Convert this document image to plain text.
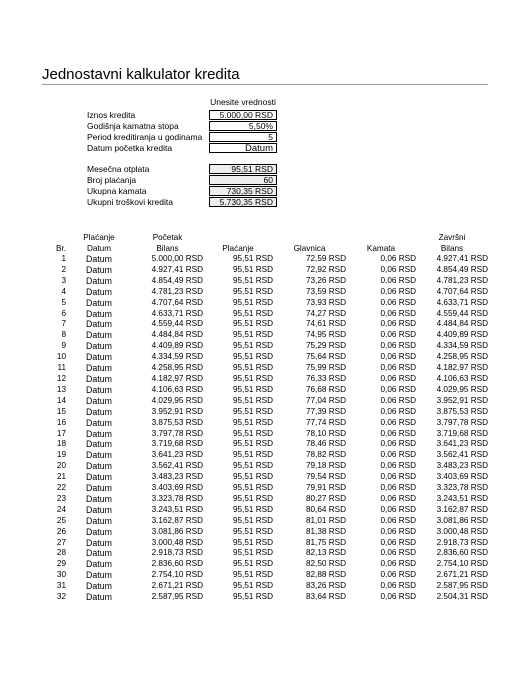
Jednostavni kalkulator kredita
Unesite vrednosti
Iznos kredita	5.000,00 RSD
Godišnja kamatna stopa	5,50%
Period kreditiranja u godinama	5
Datum početka kredita	Datum
Mesečna otplata	95,51 RSD
Broj plaćanja	60
Ukupna kamata	730,35 RSD
Ukupni troškovi kredita	5.730,35 RSD
	Plaćanje	Početak				Završni
Br.	Datum	Bilans	Plaćanje	Glavnica	Kamata	Bilans
1	Datum	5.000,00 RSD	95,51 RSD	72,59 RSD	0,06 RSD	4.927,41 RSD
2	Datum	4.927,41 RSD	95,51 RSD	72,92 RSD	0,06 RSD	4.854,49 RSD
3	Datum	4.854,49 RSD	95,51 RSD	73,26 RSD	0,06 RSD	4.781,23 RSD
4	Datum	4.781,23 RSD	95,51 RSD	73,59 RSD	0,06 RSD	4.707,64 RSD
5	Datum	4.707,64 RSD	95,51 RSD	73,93 RSD	0,06 RSD	4.633,71 RSD
6	Datum	4.633,71 RSD	95,51 RSD	74,27 RSD	0,06 RSD	4.559,44 RSD
7	Datum	4.559,44 RSD	95,51 RSD	74,61 RSD	0,06 RSD	4.484,84 RSD
8	Datum	4.484,84 RSD	95,51 RSD	74,95 RSD	0,06 RSD	4.409,89 RSD
9	Datum	4.409,89 RSD	95,51 RSD	75,29 RSD	0,06 RSD	4.334,59 RSD
10	Datum	4.334,59 RSD	95,51 RSD	75,64 RSD	0,06 RSD	4.258,95 RSD
11	Datum	4.258,95 RSD	95,51 RSD	75,99 RSD	0,06 RSD	4.182,97 RSD
12	Datum	4.182,97 RSD	95,51 RSD	76,33 RSD	0,06 RSD	4.106,63 RSD
13	Datum	4.106,63 RSD	95,51 RSD	76,68 RSD	0,06 RSD	4.029,95 RSD
14	Datum	4.029,95 RSD	95,51 RSD	77,04 RSD	0,06 RSD	3.952,91 RSD
15	Datum	3.952,91 RSD	95,51 RSD	77,39 RSD	0,06 RSD	3.875,53 RSD
16	Datum	3.875,53 RSD	95,51 RSD	77,74 RSD	0,06 RSD	3.797,78 RSD
17	Datum	3.797,78 RSD	95,51 RSD	78,10 RSD	0,06 RSD	3.719,68 RSD
18	Datum	3.719,68 RSD	95,51 RSD	78,46 RSD	0,06 RSD	3.641,23 RSD
19	Datum	3.641,23 RSD	95,51 RSD	78,82 RSD	0,06 RSD	3.562,41 RSD
20	Datum	3.562,41 RSD	95,51 RSD	79,18 RSD	0,06 RSD	3.483,23 RSD
21	Datum	3.483,23 RSD	95,51 RSD	79,54 RSD	0,06 RSD	3.403,69 RSD
22	Datum	3.403,69 RSD	95,51 RSD	79,91 RSD	0,06 RSD	3.323,78 RSD
23	Datum	3.323,78 RSD	95,51 RSD	80,27 RSD	0,06 RSD	3.243,51 RSD
24	Datum	3.243,51 RSD	95,51 RSD	80,64 RSD	0,06 RSD	3.162,87 RSD
25	Datum	3.162,87 RSD	95,51 RSD	81,01 RSD	0,06 RSD	3.081,86 RSD
26	Datum	3.081,86 RSD	95,51 RSD	81,38 RSD	0,06 RSD	3.000,48 RSD
27	Datum	3.000,48 RSD	95,51 RSD	81,75 RSD	0,06 RSD	2.918,73 RSD
28	Datum	2.918,73 RSD	95,51 RSD	82,13 RSD	0,06 RSD	2.836,60 RSD
29	Datum	2.836,60 RSD	95,51 RSD	82,50 RSD	0,06 RSD	2.754,10 RSD
30	Datum	2.754,10 RSD	95,51 RSD	82,88 RSD	0,06 RSD	2.671,21 RSD
31	Datum	2.671,21 RSD	95,51 RSD	83,26 RSD	0,06 RSD	2.587,95 RSD
32	Datum	2.587,95 RSD	95,51 RSD	83,64 RSD	0,06 RSD	2.504,31 RSD
